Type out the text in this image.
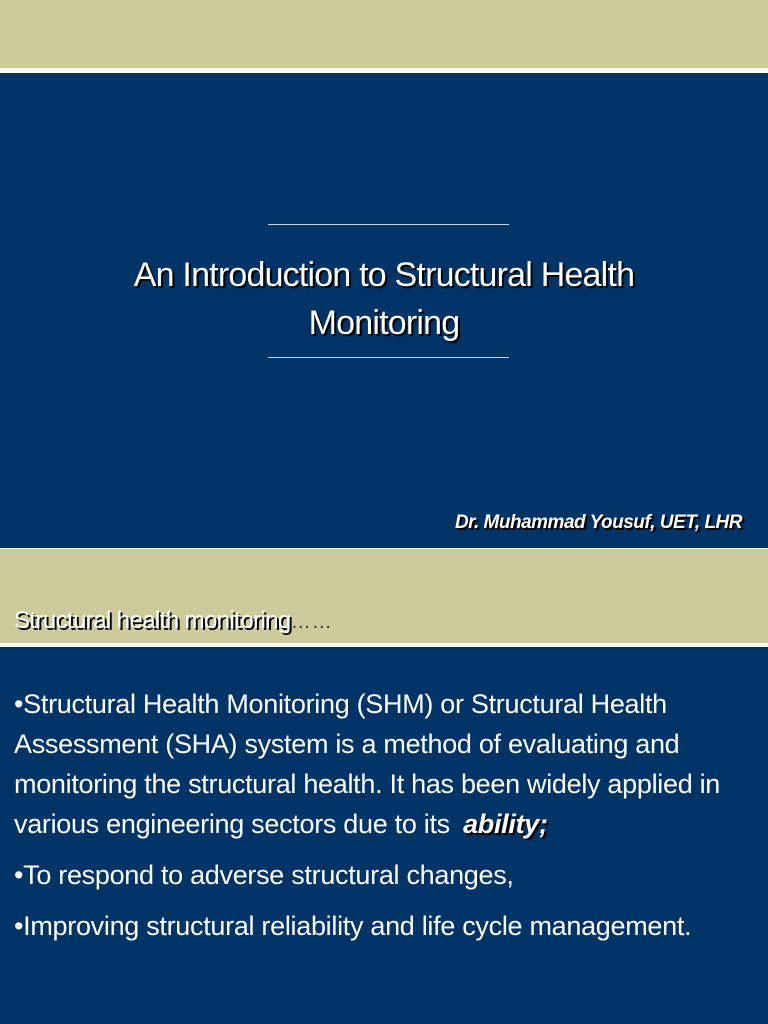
An Introduction to Structural Health
Monitoring
Dr. Muhammad Yousuf, UET, LHR
Structural health monitoring……

•Structural Health Monitoring (SHM) or Structural Health Assessment (SHA) system is a method of evaluating and monitoring the structural health. It has been widely applied in various engineering sectors due to its ability;

•To respond to adverse structural changes,

•Improving structural reliability and life cycle management.
